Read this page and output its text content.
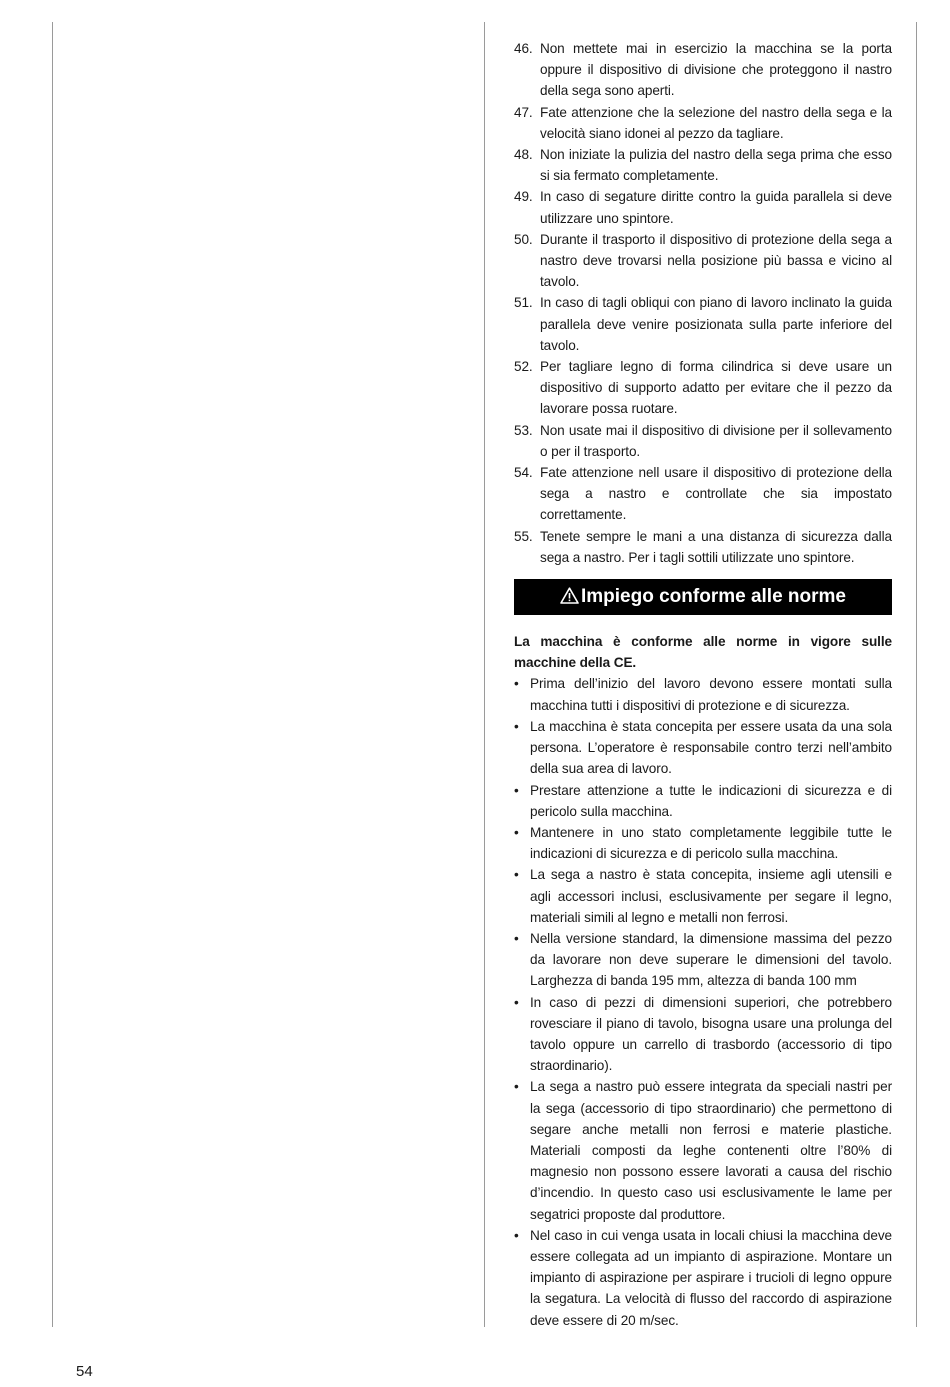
46. Non mettete mai in esercizio la macchina se la porta oppure il dispositivo di divisione che proteggono il nastro della sega sono aperti.
47. Fate attenzione che la selezione del nastro della sega e la velocità siano idonei al pezzo da tagliare.
48. Non iniziate la pulizia del nastro della sega prima che esso si sia fermato completamente.
49. In caso di segature diritte contro la guida parallela si deve utilizzare uno spintore.
50. Durante il trasporto il dispositivo di protezione della sega a nastro deve trovarsi nella posizione più bassa e vicino al tavolo.
51. In caso di tagli obliqui con piano di lavoro inclinato la guida parallela deve venire posizionata sulla parte inferiore del tavolo.
52. Per tagliare legno di forma cilindrica si deve usare un dispositivo di supporto adatto per evitare che il pezzo da lavorare possa ruotare.
53. Non usate mai il dispositivo di divisione per il sollevamento o per il trasporto.
54. Fate attenzione nell usare il dispositivo di protezione della sega a nastro e controllate che sia impostato correttamente.
55. Tenete sempre le mani a una distanza di sicurezza dalla sega a nastro. Per i tagli sottili utilizzate uno spintore.
Impiego conforme alle norme
La macchina è conforme alle norme in vigore sulle macchine della CE.
• Prima dell’inizio del lavoro devono essere montati sulla macchina tutti i dispositivi di protezione e di sicurezza.
• La macchina è stata concepita per essere usata da una sola persona. L’operatore è responsabile contro terzi nell’ambito della sua area di lavoro.
• Prestare attenzione a tutte le indicazioni di sicurezza e di pericolo sulla macchina.
• Mantenere in uno stato completamente leggibile tutte le indicazioni di sicurezza e di pericolo sulla macchina.
• La sega a nastro è stata concepita, insieme agli utensili e agli accessori inclusi, esclusivamente per segare il legno, materiali simili al legno e metalli non ferrosi.
• Nella versione standard, la dimensione massima del pezzo da lavorare non deve superare le dimensioni del tavolo. Larghezza di banda 195 mm, altezza di banda 100 mm
• In caso di pezzi di dimensioni superiori, che potrebbero rovesciare il piano di tavolo, bisogna usare una prolunga del tavolo oppure un carrello di trasbordo (accessorio di tipo straordinario).
• La sega a nastro può essere integrata da speciali nastri per la sega (accessorio di tipo straordinario) che permettono di segare anche metalli non ferrosi e materie plastiche. Materiali composti da leghe contenenti oltre l’80% di magnesio non possono essere lavorati a causa del rischio d’incendio. In questo caso usi esclusivamente le lame per segatrici proposte dal produttore.
• Nel caso in cui venga usata in locali chiusi la macchina deve essere collegata ad un impianto di aspirazione. Montare un impianto di aspirazione per aspirare i trucioli di legno oppure la segatura. La velocità di flusso del raccordo di aspirazione deve essere di 20 m/sec.
54
